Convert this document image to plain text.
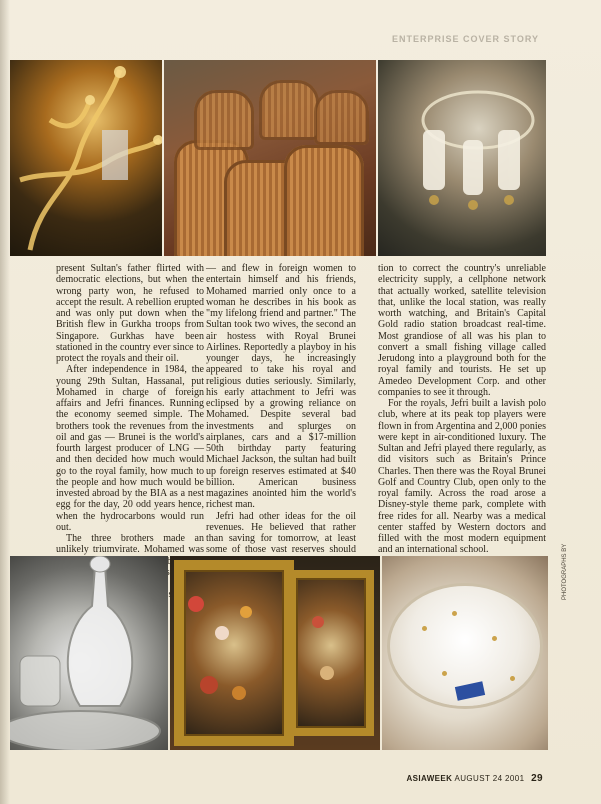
ENTERPRISE COVER STORY

present Sultan's father flirted with democratic elections, but when the wrong party won, he refused to accept the result. A rebellion erupted and was only put down when the British flew in Gurkha troops from Singapore. Gurkhas have been stationed in the country ever since to protect the royals and their oil.

After independence in 1984, the young 29th Sultan, Hassanal, put Mohamed in charge of foreign affairs and Jefri finances. Running the economy seemed simple. The brothers took the revenues from the oil and gas — Brunei is the world's fourth largest producer of LNG — and then decided how much would go to the royal family, how much to the people and how much would be invested abroad by the BIA as a nest egg for the day, 20 odd years hence, when the hydrocarbons would run out.

The three brothers made an unlikely triumvirate. Mohamed was

— and flew in foreign women to entertain himself and his friends, Mohamed married only once to a woman he describes in his book as "my lifelong friend and partner." The Sultan took two wives, the second an air hostess with Royal Brunei Airlines. Reportedly a playboy in his younger days, he increasingly appeared to take his royal and religious duties seriously. Similarly, his early attachment to Jefri was eclipsed by a growing reliance on Mohamed. Despite several bad investments and splurges on airplanes, cars and a $17-million 50th birthday party featuring Michael Jackson, the sultan had built up foreign reserves estimated at $40 billion. American business magazines anointed him the world's richest man.

Jefri had other ideas for the oil revenues. He believed that rather than saving for tomorrow, at least some of those vast reserves should

tion to correct the country's unreliable electricity supply, a cellphone network that actually worked, satellite television that, unlike the local station, was really worth watching, and Britain's Capital Gold radio station broadcast real-time. Most grandiose of all was his plan to convert a small fishing village called Jerudong into a playground both for the royal family and tourists. He set up Amedeo Development Corp. and other companies to see it through.

For the royals, Jefri built a lavish polo club, where at its peak top players were flown in from Argentina and 2,000 ponies were kept in air-conditioned luxury. The Sultan and Jefri played there regularly, as did visitors such as Britain's Prince Charles. Then there was the Royal Brunei Golf and Country Club, open only to the royal family. Across the road arose a Disney-style theme park, complete with free rides for all. Nearby was a medical center staffed by Western doctors and filled with the most modern equipment and an international school.	PHOTOGRAPHS BY
ASIAWEEK AUGUST 24 2001 29
